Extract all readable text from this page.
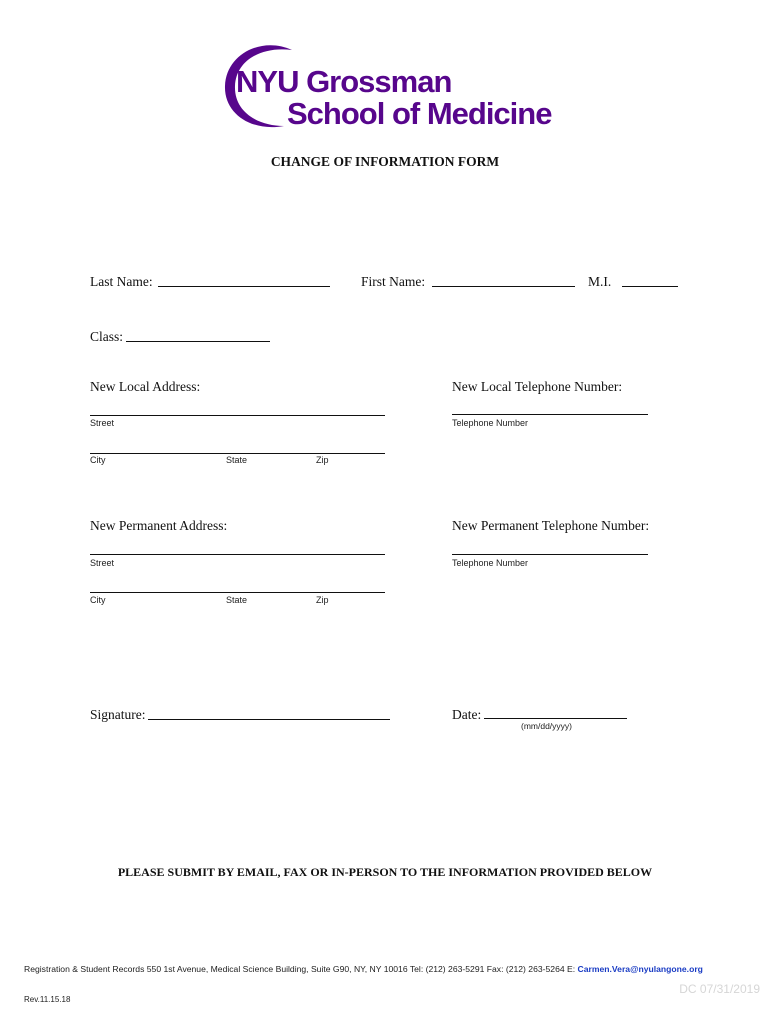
NYU Grossman
School of Medicine
CHANGE OF INFORMATION FORM
Last Name:	First Name:	M.I.
Class:
New Local Address:	New Local Telephone Number:
Street	Telephone Number
City	State	Zip
New Permanent Address:	New Permanent Telephone Number:
Street	Telephone Number
City	State	Zip
Signature:	Date:
(mm/dd/yyyy)
PLEASE SUBMIT BY EMAIL, FAX OR IN-PERSON TO THE INFORMATION PROVIDED BELOW
Registration & Student Records 550 1st Avenue, Medical Science Building, Suite G90, NY, NY 10016 Tel: (212) 263-5291 Fax: (212) 263-5264 E: Carmen.Vera@nyulangone.org
DC 07/31/2019
Rev.11.15.18
